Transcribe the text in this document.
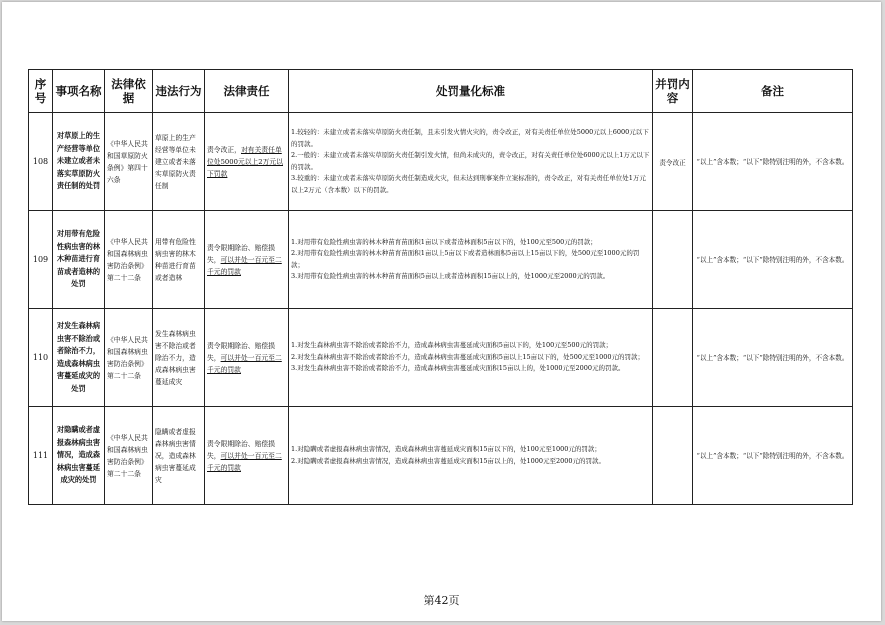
序号	事项名称	法律依据	违法行为	法律责任	处罚量化标准	并罚内容	备注
108	对草原上的生产经营等单位未建立或者未落实草原防火责任制的处罚	《中华人民共和国草原防火条例》第四十六条	草原上的生产经营等单位未建立或者未落实草原防火责任制	责令改正，对有关责任单位处5000元以上2万元以下罚款	1.较轻的：未建立或者未落实草原防火责任制，且未引发火情火灾的，责令改正，对有关责任单位处5000元以上6000元以下的罚款。
2.一般的：未建立或者未落实草原防火责任制引发火情，但尚未成灾的，责令改正，对有关责任单位处6000元以上1万元以下的罚款。
3.较重的：未建立或者未落实草原防火责任制造成火灾，但未达到刑事案件立案标准的，责令改正，对有关责任单位处1万元以上2万元（含本数）以下的罚款。	责令改正	“以上”含本数；“以下”除特别注明的外，不含本数。
109	对用带有危险性病虫害的林木种苗进行育苗或者造林的处罚	《中华人民共和国森林病虫害防治条例》第二十二条	用带有危险性病虫害的林木种苗进行育苗或者造林	责令限期除治、赔偿损失，可以并处一百元至二千元的罚款	1.对用带有危险性病虫害的林木种苗育苗面积1亩以下或者造林面积5亩以下的，处100元至500元的罚款；
2.对用带有危险性病虫害的林木种苗育苗面积1亩以上5亩以下或者造林面积5亩以上15亩以下的，处500元至1000元的罚款；
3.对用带有危险性病虫害的林木种苗育苗面积5亩以上或者造林面积15亩以上的，处1000元至2000元的罚款。		“以上”含本数；“以下”除特别注明的外，不含本数。
110	对发生森林病虫害不除治或者除治不力，造成森林病虫害蔓延成灾的处罚	《中华人民共和国森林病虫害防治条例》第二十二条	发生森林病虫害不除治或者除治不力，造成森林病虫害蔓延成灾	责令限期除治、赔偿损失，可以并处一百元至二千元的罚款	1.对发生森林病虫害不除治或者除治不力，造成森林病虫害蔓延成灾面积5亩以下的，处100元至500元的罚款；
2.对发生森林病虫害不除治或者除治不力，造成森林病虫害蔓延成灾面积5亩以上15亩以下的，处500元至1000元的罚款；
3.对发生森林病虫害不除治或者除治不力，造成森林病虫害蔓延成灾面积15亩以上的，处1000元至2000元的罚款。		“以上”含本数；“以下”除特别注明的外，不含本数。
111	对隐瞒或者虚报森林病虫害情况，造成森林病虫害蔓延成灾的处罚	《中华人民共和国森林病虫害防治条例》第二十二条	隐瞒或者虚报森林病虫害情况，造成森林病虫害蔓延成灾	责令限期除治、赔偿损失，可以并处一百元至二千元的罚款	1.对隐瞒或者虚报森林病虫害情况，造成森林病虫害蔓延成灾面积15亩以下的，处100元至1000元的罚款；
2.对隐瞒或者虚报森林病虫害情况，造成森林病虫害蔓延成灾面积15亩以上的，处1000元至2000元的罚款。		“以上”含本数；“以下”除特别注明的外，不含本数。
第42页
